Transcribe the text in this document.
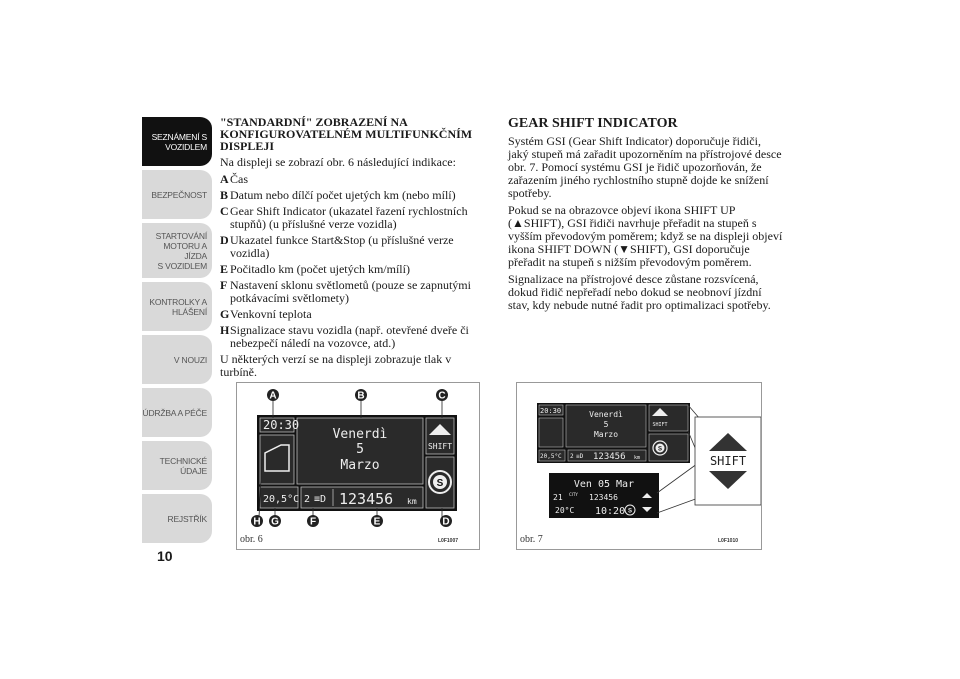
SEZNÁMENÍ S
VOZIDLEM
BEZPEČNOST
STARTOVÁNÍ
MOTORU A JÍZDA
S VOZIDLEM
KONTROLKY A
HLÁŠENÍ
V NOUZI
ÚDRŽBA A PÉČE
TECHNICKÉ
ÚDAJE
REJSTŘÍK
10
"STANDARDNÍ" ZOBRAZENÍ NA KONFIGUROVATELNÉM MULTIFUNKČNÍM DISPLEJI

Na displeji se zobrazí obr. 6 následující indikace:

A Čas
B Datum nebo dílčí počet ujetých km (nebo mílí)
C Gear Shift Indicator (ukazatel řazení rychlostních stupňů) (u příslušné verze vozidla)
D Ukazatel funkce Start&Stop (u příslušné verze vozidla)
E Počitadlo km (počet ujetých km/mílí)
F Nastavení sklonu světlometů (pouze se zapnutými potkávacími světlomety)
G Venkovní teplota
H Signalizace stavu vozidla (např. otevřené dveře či nebezpečí náledí na vozovce, atd.)

U některých verzí se na displeji zobrazuje tlak v turbíně.

GEAR SHIFT INDICATOR

Systém GSI (Gear Shift Indicator) doporučuje řidiči, jaký stupeň má zařadit upozorněním na přístrojové desce obr. 7. Pomocí systému GSI je řidič upozorňován, že zařazením jiného rychlostního stupně dojde ke snížení spotřeby.

Pokud se na obrazovce objeví ikona SHIFT UP (▲SHIFT), GSI řidiči navrhuje přeřadit na stupeň s vyšším převodovým poměrem; když se na displeji objeví ikona SHIFT DOWN (▼SHIFT), GSI doporučuje přeřadit na stupeň s nižším převodovým poměrem.

Signalizace na přístrojové desce zůstane rozsvícená, dokud řidič nepřeřadí nebo dokud se neobnoví jízdní stav, kdy nebude nutné řadit pro optimalizaci spotřeby.

20:30
Venerdì
5
Marzo
SHIFT
S
20,5°C 2 ≡D 123456 km
A	B	C
D
E
F
G
H
obr. 6	L0F1007
20:30	Venerdì
5
Marzo
SHIFT
S
20,5°C 2 ≡D 123456 km
Ven 05 Mar
21 CITY 123456
20°C 10:20 S
SHIFT
obr. 7	L0F1010
